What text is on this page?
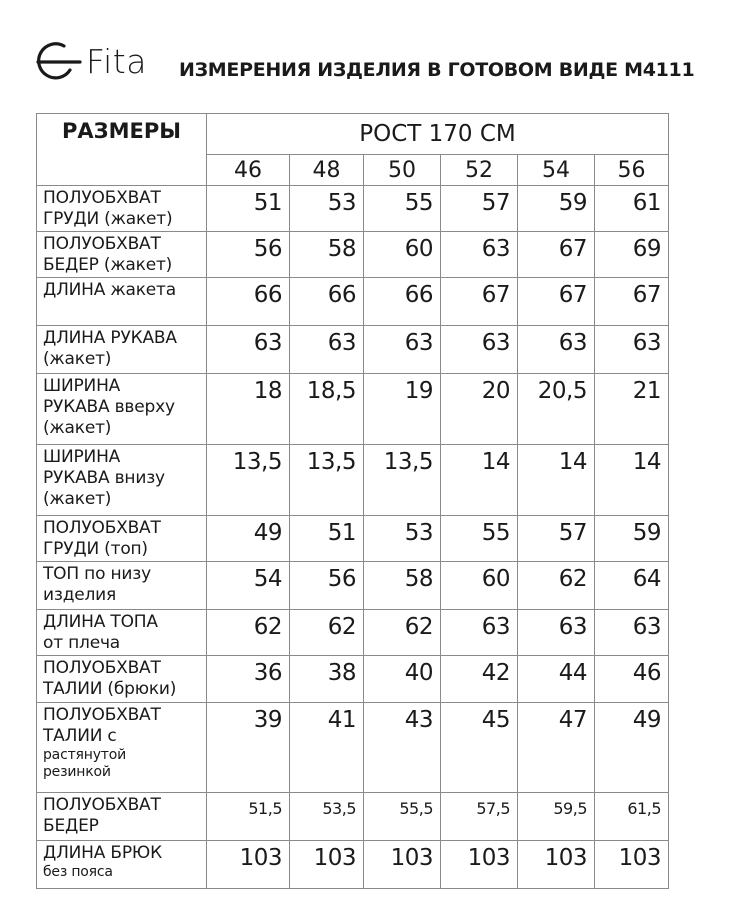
Fita ИЗМЕРЕНИЯ ИЗДЕЛИЯ В ГОТОВОМ ВИДЕ М4111
РАЗМЕРЫ	РОСТ 170 СМ					
	46	48	50	52	54	56

ПОЛУОБХВАТ
ГРУДИ (жакет)	51	53	55	57	59	61

ПОЛУОБХВАТ
БЕДЕР (жакет)	56	58	60	63	67	69

ДЛИНА жакета	66	66	66	67	67	67

ДЛИНА РУКАВА
(жакет)	63	63	63	63	63	63

ШИРИНА
РУКАВА вверху
(жакет)	18	18,5	19	20	20,5	21

ШИРИНА
РУКАВА внизу
(жакет)	13,5	13,5	13,5	14	14	14

ПОЛУОБХВАТ
ГРУДИ (топ)	49	51	53	55	57	59

ТОП по низу
изделия	54	56	58	60	62	64

ДЛИНА ТОПА
от плеча	62	62	62	63	63	63

ПОЛУОБХВАТ
ТАЛИИ (брюки)	36	38	40	42	44	46

ПОЛУОБХВАТ
ТАЛИИ с
растянутой
резинкой	39	41	43	45	47	49

ПОЛУОБХВАТ
БЕДЕР	51,5	53,5	55,5	57,5	59,5	61,5

ДЛИНА БРЮК
без пояса	103	103	103	103	103	103
